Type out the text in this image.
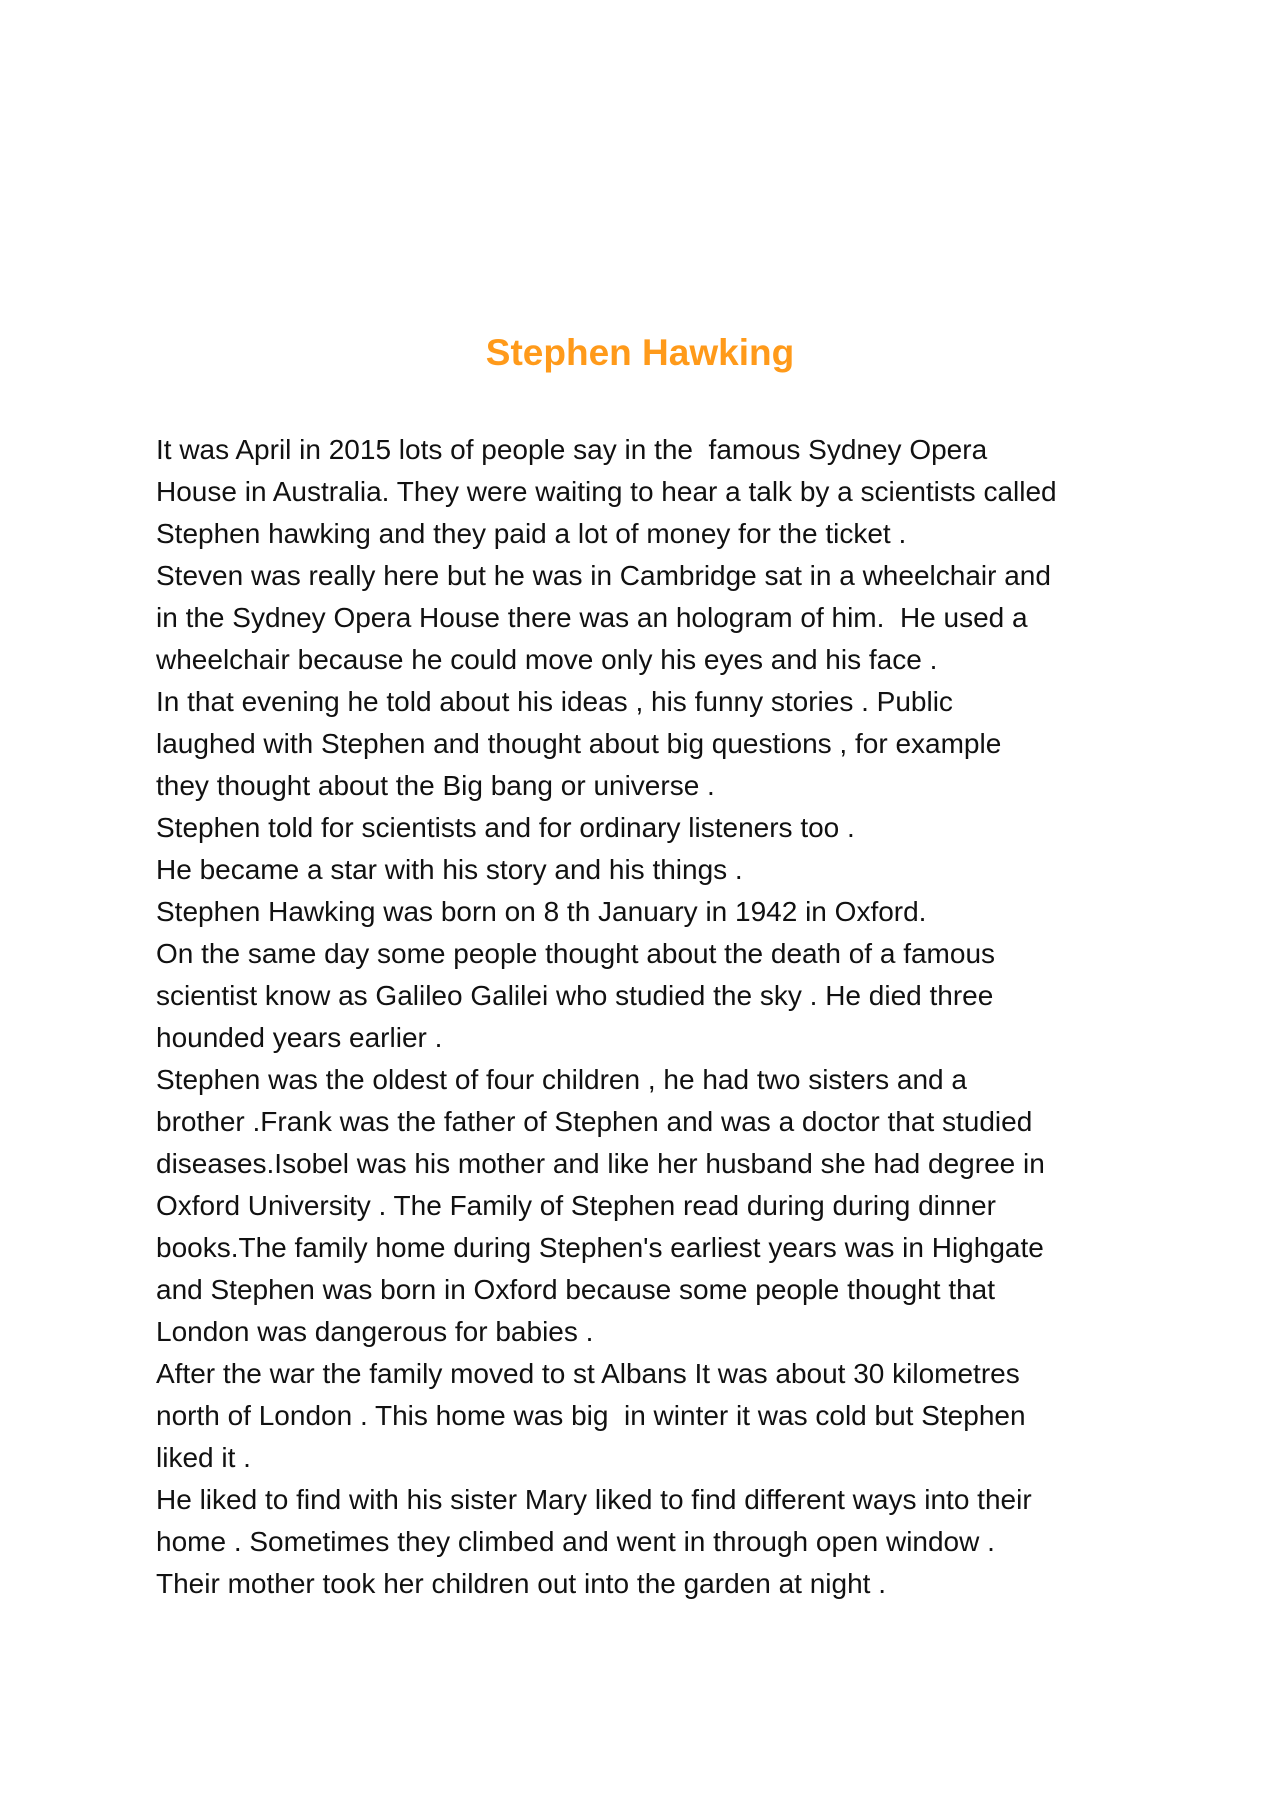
Stephen Hawking
It was April in 2015 lots of people say in the  famous Sydney Opera
House in Australia. They were waiting to hear a talk by a scientists called
Stephen hawking and they paid a lot of money for the ticket .
Steven was really here but he was in Cambridge sat in a wheelchair and
in the Sydney Opera House there was an hologram of him.  He used a
wheelchair because he could move only his eyes and his face .
In that evening he told about his ideas , his funny stories . Public
laughed with Stephen and thought about big questions , for example
they thought about the Big bang or universe .
Stephen told for scientists and for ordinary listeners too .
He became a star with his story and his things .
Stephen Hawking was born on 8 th January in 1942 in Oxford.
On the same day some people thought about the death of a famous
scientist know as Galileo Galilei who studied the sky . He died three
hounded years earlier .
Stephen was the oldest of four children , he had two sisters and a
brother .Frank was the father of Stephen and was a doctor that studied
diseases.Isobel was his mother and like her husband she had degree in
Oxford University . The Family of Stephen read during during dinner
books.The family home during Stephen's earliest years was in Highgate
and Stephen was born in Oxford because some people thought that
London was dangerous for babies .
After the war the family moved to st Albans It was about 30 kilometres
north of London . This home was big  in winter it was cold but Stephen
liked it .
He liked to find with his sister Mary liked to find different ways into their
home . Sometimes they climbed and went in through open window .
Their mother took her children out into the garden at night .
